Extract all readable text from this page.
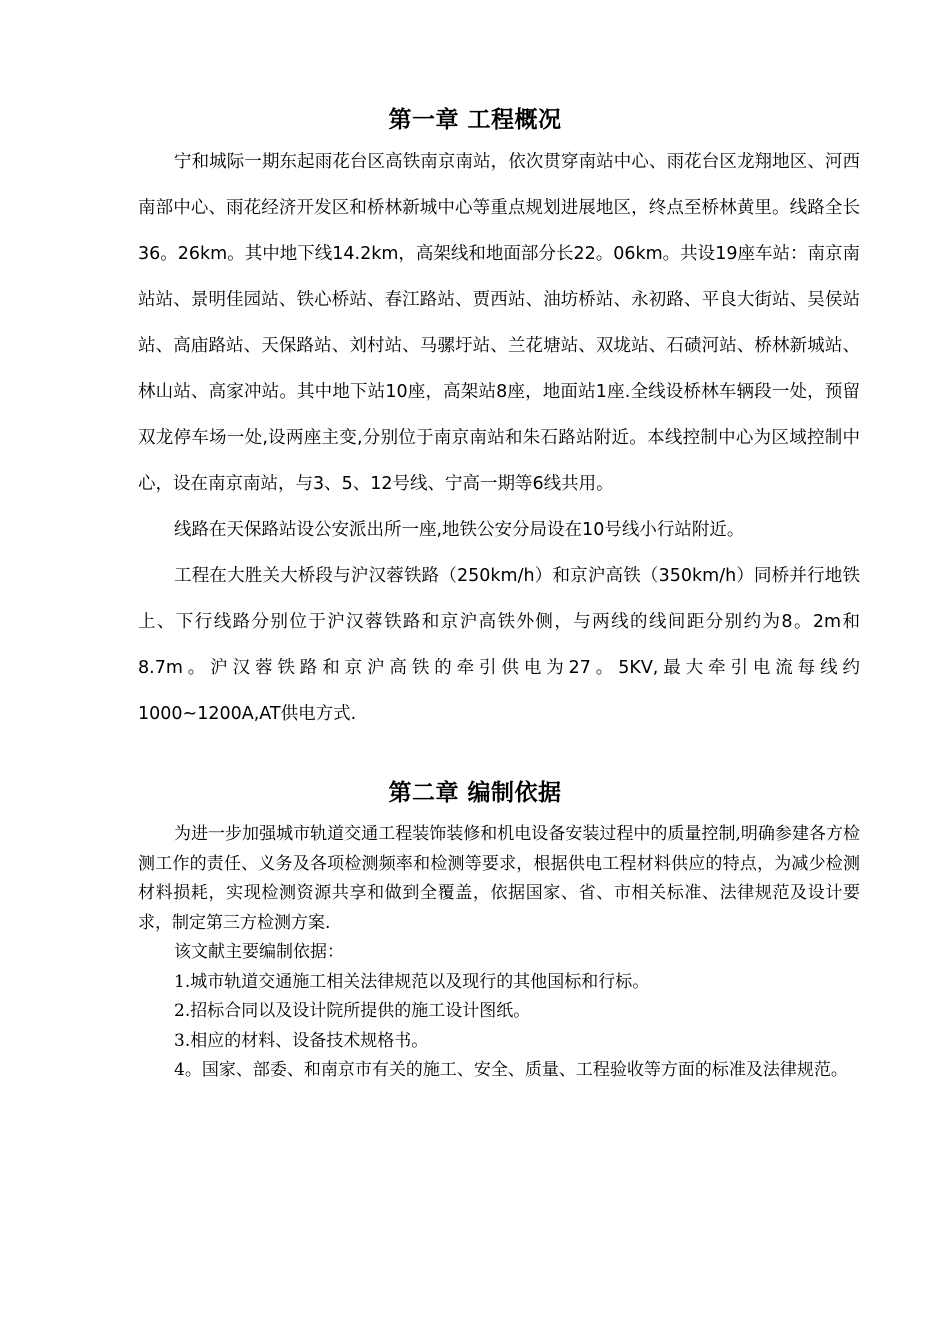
第一章 工程概况

宁和城际一期东起雨花台区高铁南京南站，依次贯穿南站中心、雨花台区龙翔地区、河西南部中心、雨花经济开发区和桥林新城中心等重点规划进展地区，终点至桥林黄里。线路全长36。26km。其中地下线14.2km，高架线和地面部分长22。06km。共设19座车站：南京南站站、景明佳园站、铁心桥站、春江路站、贾西站、油坊桥站、永初路、平良大街站、吴侯站站、高庙路站、天保路站、刘村站、马骡圩站、兰花塘站、双垅站、石碛河站、桥林新城站、林山站、高家冲站。其中地下站10座，高架站8座，地面站1座.全线设桥林车辆段一处，预留双龙停车场一处,设两座主变,分别位于南京南站和朱石路站附近。本线控制中心为区域控制中心，设在南京南站，与3、5、12号线、宁高一期等6线共用。

线路在天保路站设公安派出所一座,地铁公安分局设在10号线小行站附近。

工程在大胜关大桥段与沪汉蓉铁路（250km/h）和京沪高铁（350km/h）同桥并行地铁上、下行线路分别位于沪汉蓉铁路和京沪高铁外侧，与两线的线间距分别约为8。2m和8.7m。沪汉蓉铁路和京沪高铁的牵引供电为27。5KV,最大牵引电流每线约1000~1200A,AT供电方式.

第二章 编制依据

为进一步加强城市轨道交通工程装饰装修和机电设备安装过程中的质量控制,明确参建各方检测工作的责任、义务及各项检测频率和检测等要求，根据供电工程材料供应的特点，为减少检测材料损耗，实现检测资源共享和做到全覆盖，依据国家、省、市相关标准、法律规范及设计要求，制定第三方检测方案.

该文献主要编制依据：

1.城市轨道交通施工相关法律规范以及现行的其他国标和行标。

2.招标合同以及设计院所提供的施工设计图纸。

3.相应的材料、设备技术规格书。

4。国家、部委、和南京市有关的施工、安全、质量、工程验收等方面的标准及法律规范。
